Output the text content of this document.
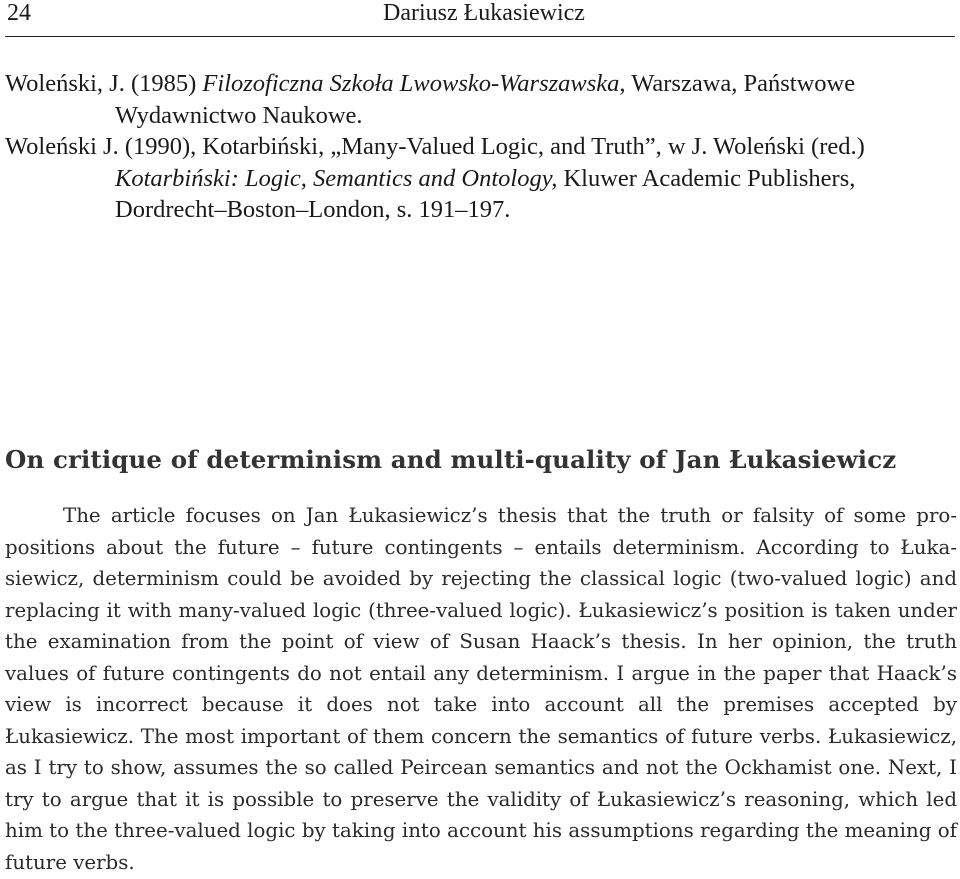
24	Dariusz Łukasiewicz

Woleński, J. (1985) Filozoficzna Szkoła Lwowsko-Warszawska, Warszawa, Państwowe Wydawnictwo Naukowe.

Woleński J. (1990), Kotarbiński, „Many-Valued Logic, and Truth”, w J. Woleński (red.) Kotarbiński: Logic, Semantics and Ontology, Kluwer Academic Publishers, Dordrecht–Boston–London, s. 191–197.

On critique of determinism and multi-quality of Jan Łukasiewicz

The article focuses on Jan Łukasiewicz’s thesis that the truth or falsity of some propositions about the future – future contingents – entails determinism. According to Łukasiewicz, determinism could be avoided by rejecting the classical logic (two-valued logic) and replacing it with many-valued logic (three-valued logic). Łukasiewicz’s position is taken under the examination from the point of view of Susan Haack’s thesis. In her opinion, the truth values of future contingents do not entail any determinism. I argue in the paper that Haack’s view is incorrect because it does not take into account all the premises accepted by Łukasiewicz. The most important of them concern the semantics of future verbs. Łukasiewicz, as I try to show, assumes the so called Peircean semantics and not the Ockhamist one. Next, I try to argue that it is possible to preserve the validity of Łukasiewicz’s reasoning, which led him to the three-valued logic by taking into account his assumptions regarding the meaning of future verbs.
